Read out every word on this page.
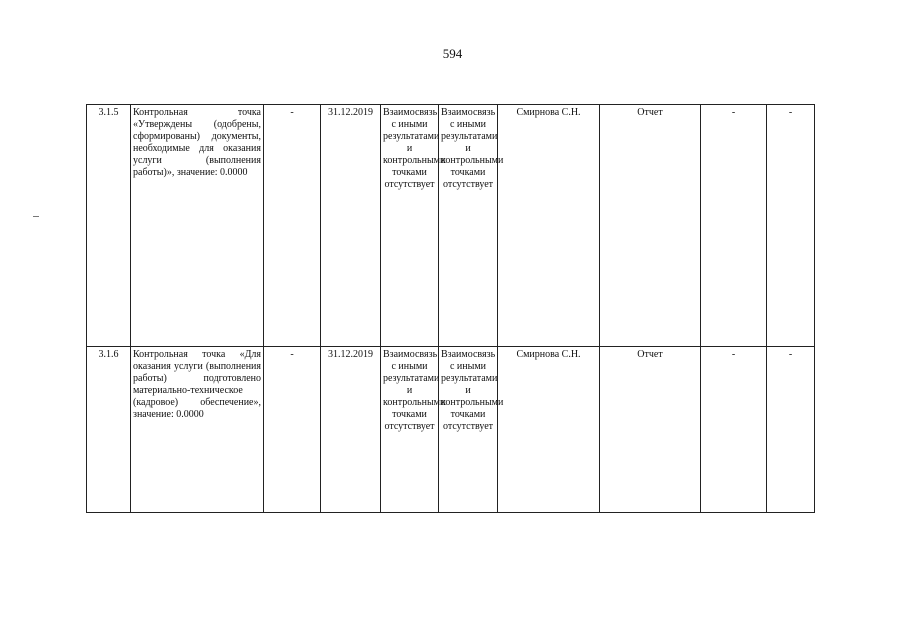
594
3.1.5	Контрольная точка «Утверждены (одобрены, сформированы) документы, необходимые для оказания услуги (выполнения работы)», значение: 0.0000	-	31.12.2019	Взаимосвязь с иными результатами и контрольными точками отсутствует	Взаимосвязь с иными результатами и контрольными точками отсутствует	Смирнова С.Н.	Отчет	-	-
3.1.6	Контрольная точка «Для оказания услуги (выполнения работы) подготовлено материально-техническое (кадровое) обеспечение», значение: 0.0000	-	31.12.2019	Взаимосвязь с иными результатами и контрольными точками отсутствует	Взаимосвязь с иными результатами и контрольными точками отсутствует	Смирнова С.Н.	Отчет	-	-
